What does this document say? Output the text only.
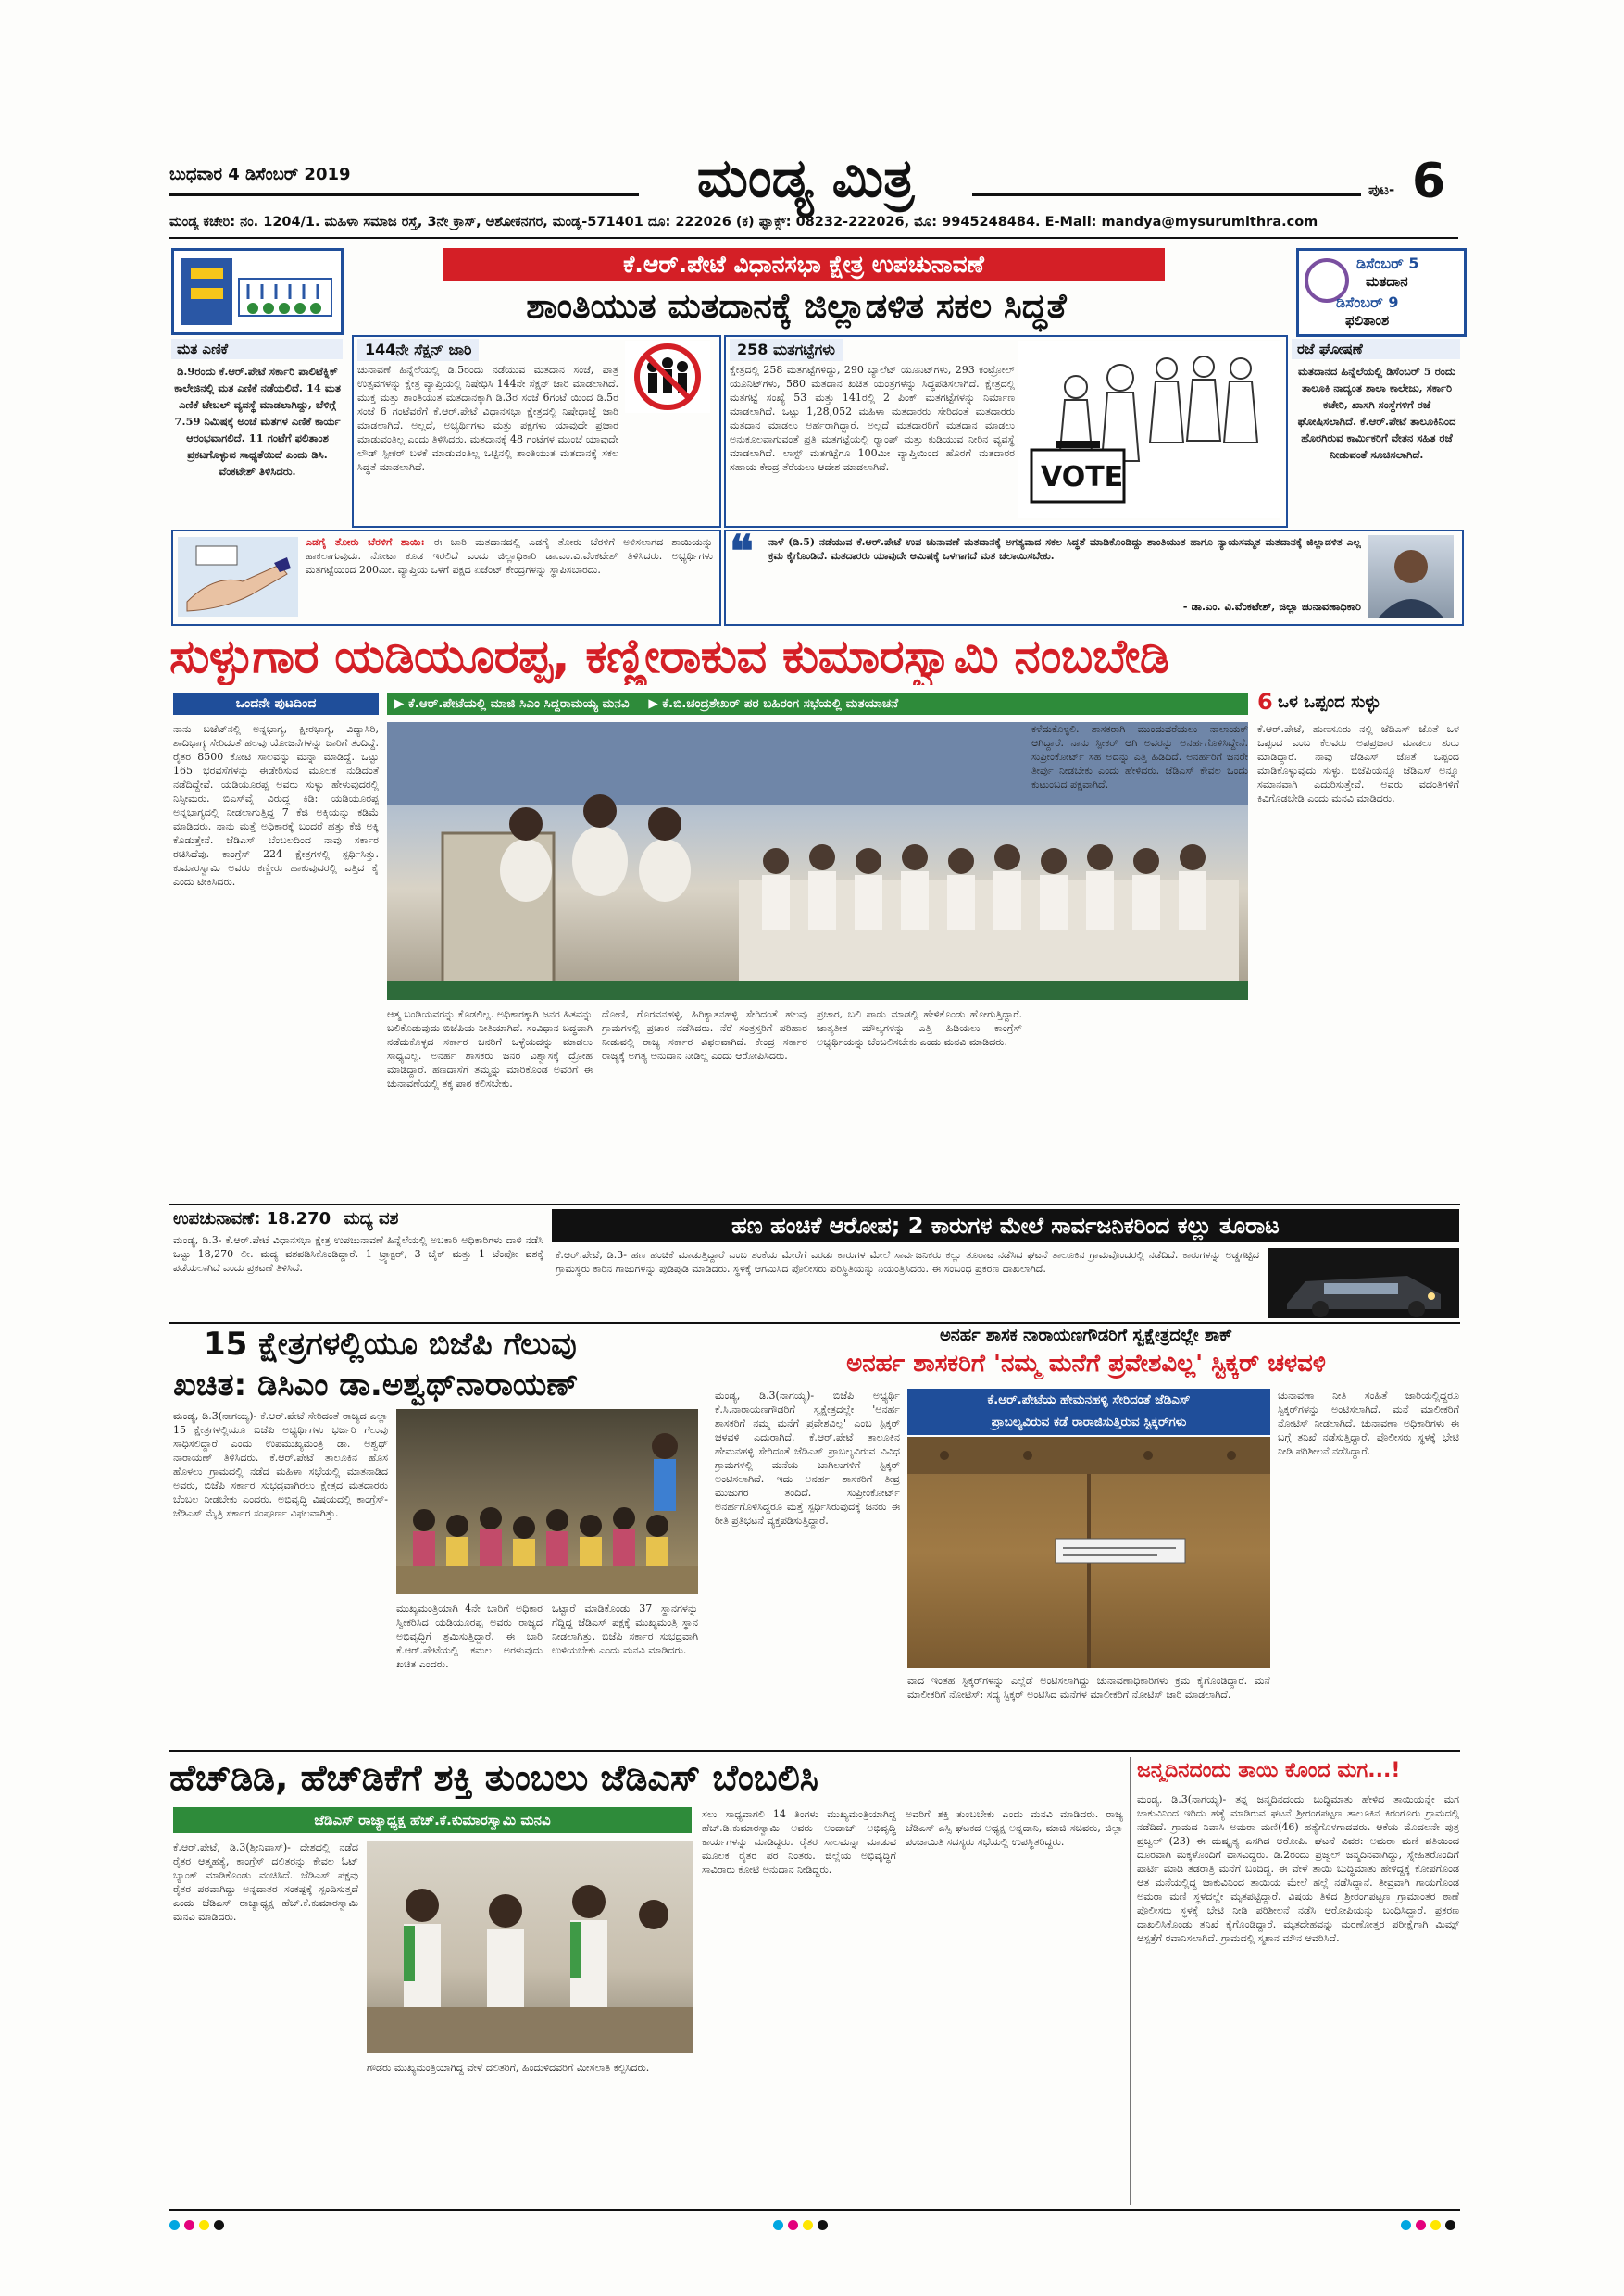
ಬುಧವಾರ 4 ಡಿಸೆಂಬರ್ 2019	ಮಂಡ್ಯ ಮಿತ್ರ	ಪುಟ- 6
ಮಂಡ್ಯ ಕಚೇರಿ: ನಂ. 1204/1. ಮಹಿಳಾ ಸಮಾಜ ರಸ್ತೆ, 3ನೇ ಕ್ರಾಸ್, ಅಶೋಕನಗರ, ಮಂಡ್ಯ-571401 ದೂ: 222026 (ಕ) ಫ್ಯಾಕ್ಸ್: 08232-222026, ಮೊ: 9945248484. E-Mail: mandya@mysurumithra.com
ಕೆ.ಆರ್.ಪೇಟೆ ವಿಧಾನಸಭಾ ಕ್ಷೇತ್ರ ಉಪಚುನಾವಣೆ
ಶಾಂತಿಯುತ ಮತದಾನಕ್ಕೆ ಜಿಲ್ಲಾಡಳಿತ ಸಕಲ ಸಿದ್ಧತೆ
ಡಿಸೆಂಬರ್ 5
ಮತದಾನ
ಡಿಸೆಂಬರ್ 9
ಫಲಿತಾಂಶ
ಮತ ಎಣಿಕೆ
ಡಿ.9ರಂದು ಕೆ.ಆರ್.ಪೇಟೆ ಸರ್ಕಾರಿ ಪಾಲಿಟೆಕ್ನಿಕ್ ಕಾಲೇಜಿನಲ್ಲಿ ಮತ ಎಣಿಕೆ ನಡೆಯಲಿದೆ. 14 ಮತ ಎಣಿಕೆ ಟೇಬಲ್ ವ್ಯವಸ್ಥೆ ಮಾಡಲಾಗಿದ್ದು, ಬೆಳಿಗ್ಗೆ 7.59 ನಿಮಿಷಕ್ಕೆ ಅಂಚೆ ಮತಗಳ ಎಣಿಕೆ ಕಾರ್ಯ ಆರಂಭವಾಗಲಿದೆ. 11 ಗಂಟೆಗೆ ಫಲಿತಾಂಶ ಪ್ರಕಟಗೊಳ್ಳುವ ಸಾಧ್ಯತೆಯಿದೆ ಎಂದು ಡಿಸಿ. ವೆಂಕಟೇಶ್ ತಿಳಿಸಿದರು.
144ನೇ ಸೆಕ್ಷನ್ ಜಾರಿ
ಚುನಾವಣೆ ಹಿನ್ನೆಲೆಯಲ್ಲಿ ಡಿ.5ರಂದು ನಡೆಯುವ ಮತದಾನ ಸಂಜೆ, ಪಾತ್ರ ಉತ್ಸವಗಳನ್ನು ಕ್ಷೇತ್ರ ವ್ಯಾಪ್ತಿಯಲ್ಲಿ ನಿಷೇಧಿಸಿ 144ನೇ ಸೆಕ್ಷನ್ ಜಾರಿ ಮಾಡಲಾಗಿದೆ. ಮುಕ್ತ ಮತ್ತು ಶಾಂತಿಯುತ ಮತದಾನಕ್ಕಾಗಿ ಡಿ.3ರ ಸಂಜೆ 6ಗಂಟೆ ಯಿಂದ ಡಿ.5ರ ಸಂಜೆ 6 ಗಂಟೆವರೆಗೆ ಕೆ.ಆರ್.ಪೇಟೆ ವಿಧಾನಸಭಾ ಕ್ಷೇತ್ರದಲ್ಲಿ ನಿಷೇಧಾಜ್ಞೆ ಜಾರಿ ಮಾಡಲಾಗಿದೆ. ಅಲ್ಲದೆ, ಅಭ್ಯರ್ಥಿಗಳು ಮತ್ತು ಪಕ್ಷಗಳು ಯಾವುದೇ ಪ್ರಚಾರ ಮಾಡುವಂತಿಲ್ಲ ಎಂದು ತಿಳಿಸಿದರು. ಮತದಾನಕ್ಕೆ 48 ಗಂಟೆಗಳ ಮುಂಚೆ ಯಾವುದೇ ಲೌಡ್ ಸ್ಪೀಕರ್ ಬಳಕೆ ಮಾಡುವಂತಿಲ್ಲ ಒಟ್ಟಿನಲ್ಲಿ ಶಾಂತಿಯುತ ಮತದಾನಕ್ಕೆ ಸಕಲ ಸಿದ್ಧತೆ ಮಾಡಲಾಗಿದೆ.
258 ಮತಗಟ್ಟೆಗಳು
ಕ್ಷೇತ್ರದಲ್ಲಿ 258 ಮತಗಟ್ಟೆಗಳಿದ್ದು, 290 ಬ್ಯಾಲೆಟ್ ಯೂನಿಟ್‌ಗಳು, 293 ಕಂಟ್ರೋಲ್ ಯೂನಿಟ್‌ಗಳು, 580 ಮತದಾನ ಖಚಿತ ಯಂತ್ರಗಳನ್ನು ಸಿದ್ಧಪಡಿಸಲಾಗಿದೆ. ಕ್ಷೇತ್ರದಲ್ಲಿ ಮತಗಟ್ಟೆ ಸಂಖ್ಯೆ 53 ಮತ್ತು 141ರಲ್ಲಿ 2 ಪಿಂಕ್ ಮತಗಟ್ಟೆಗಳನ್ನು ನಿರ್ಮಾಣ ಮಾಡಲಾಗಿದೆ. ಒಟ್ಟು 1,28,052 ಮಹಿಳಾ ಮತದಾರರು ಸೇರಿದಂತೆ ಮತದಾರರು ಮತದಾನ ಮಾಡಲು ಅರ್ಹರಾಗಿದ್ದಾರೆ. ಅಲ್ಲದೆ ಮತದಾರರಿಗೆ ಮತದಾನ ಮಾಡಲು ಅನುಕೂಲವಾಗುವಂತೆ ಪ್ರತಿ ಮತಗಟ್ಟೆಯಲ್ಲಿ ರ‍್ಯಾಂಪ್ ಮತ್ತು ಕುಡಿಯುವ ನೀರಿನ ವ್ಯವಸ್ಥೆ ಮಾಡಲಾಗಿದೆ. ಲಾಸ್ಟ್ ಮತಗಟ್ಟೆಗೂ 100ಮೀ ವ್ಯಾಪ್ತಿಯಿಂದ ಹೊರಗೆ ಮತದಾರರ ಸಹಾಯ ಕೇಂದ್ರ ತೆರೆಯಲು ಆದೇಶ ಮಾಡಲಾಗಿದೆ.	VOTE
ರಜೆ ಘೋಷಣೆ
ಮತದಾನದ ಹಿನ್ನೆಲೆಯಲ್ಲಿ ಡಿಸೆಂಬರ್ 5 ರಂದು ತಾಲೂಕಿ ನಾದ್ಯಂತ ಶಾಲಾ ಕಾಲೇಜು, ಸರ್ಕಾರಿ ಕಚೇರಿ, ಖಾಸಗಿ ಸಂಸ್ಥೆಗಳಿಗೆ ರಜೆ ಘೋಷಿಸಲಾಗಿದೆ. ಕೆ.ಆರ್.ಪೇಟೆ ತಾಲೂಕಿನಿಂದ ಹೊರಗಿರುವ ಕಾರ್ಮಿಕರಿಗೆ ವೇತನ ಸಹಿತ ರಜೆ ನೀಡುವಂತೆ ಸೂಚಿಸಲಾಗಿದೆ.
ಎಡಗೈ ತೋರು ಬೆರಳಿಗೆ ಶಾಯಿ: ಈ ಬಾರಿ ಮತದಾನದಲ್ಲಿ ಎಡಗೈ ತೋರು ಬೆರಳಿಗೆ ಅಳಿಸಲಾಗದ ಶಾಯಿಯನ್ನು ಹಾಕಲಾಗುವುದು. ನೋಟಾ ಕೂಡ ಇರಲಿದೆ ಎಂದು ಜಿಲ್ಲಾಧಿಕಾರಿ ಡಾ.ಎಂ.ವಿ.ವೆಂಕಟೇಶ್ ತಿಳಿಸಿದರು. ಅಭ್ಯರ್ಥಿಗಳು ಮತಗಟ್ಟೆಯಿಂದ 200ಮೀ. ವ್ಯಾಪ್ತಿಯ ಒಳಗೆ ಪಕ್ಷದ ಏಜೆಂಟ್ ಕೇಂದ್ರಗಳನ್ನು ಸ್ಥಾಪಿಸಬಾರದು.	❝ ನಾಳೆ (ಡಿ.5) ನಡೆಯುವ ಕೆ.ಆರ್.ಪೇಟೆ ಉಪ ಚುನಾವಣೆ ಮತದಾನಕ್ಕೆ ಅಗತ್ಯವಾದ ಸಕಲ ಸಿದ್ಧತೆ ಮಾಡಿಕೊಂಡಿದ್ದು ಶಾಂತಿಯುತ ಹಾಗೂ ನ್ಯಾಯಸಮ್ಮತ ಮತದಾನಕ್ಕೆ ಜಿಲ್ಲಾಡಳಿತ ಎಲ್ಲ ಕ್ರಮ ಕೈಗೊಂಡಿದೆ. ಮತದಾರರು ಯಾವುದೇ ಆಮಿಷಕ್ಕೆ ಒಳಗಾಗದೆ ಮತ ಚಲಾಯಿಸಬೇಕು.
- ಡಾ.ಎಂ. ವಿ.ವೆಂಕಟೇಶ್, ಜಿಲ್ಲಾ ಚುನಾವಣಾಧಿಕಾರಿ
ಸುಳ್ಳುಗಾರ ಯಡಿಯೂರಪ್ಪ, ಕಣ್ಣೀರಾಕುವ ಕುಮಾರಸ್ವಾಮಿ ನಂಬಬೇಡಿ
ಒಂದನೇ ಪುಟದಿಂದ	▶ ಕೆ.ಆರ್.ಪೇಟೆಯಲ್ಲಿ ಮಾಜಿ ಸಿಎಂ ಸಿದ್ದರಾಮಯ್ಯ ಮನವಿ ▶ ಕೆ.ಬಿ.ಚಂದ್ರಶೇಖರ್ ಪರ ಬಹಿರಂಗ ಸಭೆಯಲ್ಲಿ ಮತಯಾಚನೆ
ನಾನು ಬಜೆಟ್‌ನಲ್ಲಿ ಅನ್ನಭಾಗ್ಯ, ಕ್ಷೀರಭಾಗ್ಯ, ವಿದ್ಯಾಸಿರಿ, ಶಾದಿಭಾಗ್ಯ ಸೇರಿದಂತೆ ಹಲವು ಯೋಜನೆಗಳನ್ನು ಜಾರಿಗೆ ತಂದಿದ್ದೆ. ರೈತರ 8500 ಕೋಟಿ ಸಾಲವನ್ನು ಮನ್ನಾ ಮಾಡಿದ್ದೆ. ಒಟ್ಟು 165 ಭರವಸೆಗಳನ್ನು ಈಡೇರಿಸುವ ಮೂಲಕ ನುಡಿದಂತೆ ನಡೆದಿದ್ದೇವೆ. ಯಡಿಯೂರಪ್ಪ ಅವರು ಸುಳ್ಳು ಹೇಳುವುದರಲ್ಲಿ ನಿಸ್ಸೀಮರು. ಬಿಎಸ್‌ವೈ ವಿರುದ್ಧ ಕಿಡಿ: ಯಡಿಯೂರಪ್ಪ ಅನ್ನಭಾಗ್ಯದಲ್ಲಿ ನೀಡಲಾಗುತ್ತಿದ್ದ 7 ಕೆಜಿ ಅಕ್ಕಿಯನ್ನು ಕಡಿಮೆ ಮಾಡಿದರು. ನಾನು ಮತ್ತೆ ಅಧಿಕಾರಕ್ಕೆ ಬಂದರೆ ಹತ್ತು ಕೆಜಿ ಅಕ್ಕಿ ಕೊಡುತ್ತೇನೆ. ಜೆಡಿಎಸ್ ಬೆಂಬಲದಿಂದ ನಾವು ಸರ್ಕಾರ ರಚಿಸಿದೆವು. ಕಾಂಗ್ರೆಸ್ 224 ಕ್ಷೇತ್ರಗಳಲ್ಲಿ ಸ್ಪರ್ಧಿಸಿತ್ತು. ಕುಮಾರಸ್ವಾಮಿ ಅವರು ಕಣ್ಣೀರು ಹಾಕುವುದರಲ್ಲಿ ಎತ್ತಿದ ಕೈ ಎಂದು ಟೀಕಿಸಿದರು.
ಆತ್ಮ ಬಂಡಿಯವರನ್ನು ಕೊಡಲಿಲ್ಲ. ಅಧಿಕಾರಕ್ಕಾಗಿ ಜನರ ಹಿತವನ್ನು ಬಲಿಕೊಡುವುದು ಬಿಜೆಪಿಯ ನೀತಿಯಾಗಿದೆ. ಸಂವಿಧಾನ ಬದ್ಧವಾಗಿ ನಡೆದುಕೊಳ್ಳದ ಸರ್ಕಾರ ಜನರಿಗೆ ಒಳ್ಳೆಯದನ್ನು ಮಾಡಲು ಸಾಧ್ಯವಿಲ್ಲ. ಅನರ್ಹ ಶಾಸಕರು ಜನರ ವಿಶ್ವಾಸಕ್ಕೆ ದ್ರೋಹ ಮಾಡಿದ್ದಾರೆ. ಹಣದಾಸೆಗೆ ತಮ್ಮನ್ನು ಮಾರಿಕೊಂಡ ಅವರಿಗೆ ಈ ಚುನಾವಣೆಯಲ್ಲಿ ತಕ್ಕ ಪಾಠ ಕಲಿಸಬೇಕು.
ದೋಣಿ, ಗೊರವನಹಳ್ಳಿ, ಹಿರಿಕ್ಯಾತನಹಳ್ಳಿ ಸೇರಿದಂತೆ ಹಲವು ಗ್ರಾಮಗಳಲ್ಲಿ ಪ್ರಚಾರ ನಡೆಸಿದರು. ನೆರೆ ಸಂತ್ರಸ್ತರಿಗೆ ಪರಿಹಾರ ನೀಡುವಲ್ಲಿ ರಾಜ್ಯ ಸರ್ಕಾರ ವಿಫಲವಾಗಿದೆ. ಕೇಂದ್ರ ಸರ್ಕಾರ ರಾಜ್ಯಕ್ಕೆ ಅಗತ್ಯ ಅನುದಾನ ನೀಡಿಲ್ಲ ಎಂದು ಆರೋಪಿಸಿದರು.
ಪ್ರಚಾರ, ಬಲಿ ಪಾಡು ಮಾಡಲ್ಲಿ ಹೇಳಿಕೊಂಡು ಹೋಗುತ್ತಿದ್ದಾರೆ. ಜಾತ್ಯತೀತ ಮೌಲ್ಯಗಳನ್ನು ಎತ್ತಿ ಹಿಡಿಯಲು ಕಾಂಗ್ರೆಸ್ ಅಭ್ಯರ್ಥಿಯನ್ನು ಬೆಂಬಲಿಸಬೇಕು ಎಂದು ಮನವಿ ಮಾಡಿದರು.
ಕಳೆದುಕೊಳ್ಳಲಿ. ಶಾಸಕರಾಗಿ ಮುಂದುವರೆಯಲು ನಾಲಾಯಕ್ ಆಗಿದ್ದಾರೆ. ನಾನು ಸ್ಪೀಕರ್ ಆಗಿ ಅವರನ್ನು ಅನರ್ಹಗೊಳಿಸಿದ್ದೇನೆ. ಸುಪ್ರೀಂಕೋರ್ಟ್ ಸಹ ಅದನ್ನು ಎತ್ತಿ ಹಿಡಿದಿದೆ. ಅನರ್ಹರಿಗೆ ಜನರೇ ತೀರ್ಪು ನೀಡಬೇಕು ಎಂದು ಹೇಳಿದರು. ಜೆಡಿಎಸ್ ಕೇವಲ ಒಂದು ಕುಟುಂಬದ ಪಕ್ಷವಾಗಿದೆ.
6 ಒಳ ಒಪ್ಪಂದ ಸುಳ್ಳು
ಕೆ.ಆರ್.ಪೇಟೆ, ಹುಣಸೂರು ನಲ್ಲಿ ಜೆಡಿಎಸ್ ಜೊತೆ ಒಳ ಒಪ್ಪಂದ ಎಂಬ ಕೆಲವರು ಅಪಪ್ರಚಾರ ಮಾಡಲು ಶುರು ಮಾಡಿದ್ದಾರೆ. ನಾವು ಜೆಡಿಎಸ್ ಜೊತೆ ಒಪ್ಪಂದ ಮಾಡಿಕೊಳ್ಳುವುದು ಸುಳ್ಳು. ಬಿಜೆಪಿಯನ್ನೂ ಜೆಡಿಎಸ್ ಅನ್ನೂ ಸಮಾನವಾಗಿ ಎದುರಿಸುತ್ತೇವೆ. ಅವರು ವದಂತಿಗಳಿಗೆ ಕಿವಿಗೊಡಬೇಡಿ ಎಂದು ಮನವಿ ಮಾಡಿದರು.
ಉಪಚುನಾವಣೆ: 18.270 ಮದ್ಯ ವಶ
ಮಂಡ್ಯ, ಡಿ.3- ಕೆ.ಆರ್.ಪೇಟೆ ವಿಧಾನಸಭಾ ಕ್ಷೇತ್ರ ಉಪಚುನಾವಣೆ ಹಿನ್ನೆಲೆಯಲ್ಲಿ ಅಬಕಾರಿ ಅಧಿಕಾರಿಗಳು ದಾಳಿ ನಡೆಸಿ ಒಟ್ಟು 18,270 ಲೀ. ಮದ್ಯ ವಶಪಡಿಸಿಕೊಂಡಿದ್ದಾರೆ. 1 ಟ್ರ್ಯಾಕ್ಟರ್, 3 ಬೈಕ್ ಮತ್ತು 1 ಟೆಂಪೋ ವಶಕ್ಕೆ ಪಡೆಯಲಾಗಿದೆ ಎಂದು ಪ್ರಕಟಣೆ ತಿಳಿಸಿದೆ.
ಹಣ ಹಂಚಿಕೆ ಆರೋಪ; 2 ಕಾರುಗಳ ಮೇಲೆ ಸಾರ್ವಜನಿಕರಿಂದ ಕಲ್ಲು ತೂರಾಟ
ಕೆ.ಆರ್.ಪೇಟೆ, ಡಿ.3- ಹಣ ಹಂಚಿಕೆ ಮಾಡುತ್ತಿದ್ದಾರೆ ಎಂಬ ಶಂಕೆಯ ಮೇರೆಗೆ ಎರಡು ಕಾರುಗಳ ಮೇಲೆ ಸಾರ್ವಜನಿಕರು ಕಲ್ಲು ತೂರಾಟ ನಡೆಸಿದ ಘಟನೆ ತಾಲೂಕಿನ ಗ್ರಾಮವೊಂದರಲ್ಲಿ ನಡೆದಿದೆ. ಕಾರುಗಳನ್ನು ಅಡ್ಡಗಟ್ಟಿದ ಗ್ರಾಮಸ್ಥರು ಕಾರಿನ ಗಾಜುಗಳನ್ನು ಪುಡಿಪುಡಿ ಮಾಡಿದರು. ಸ್ಥಳಕ್ಕೆ ಆಗಮಿಸಿದ ಪೊಲೀಸರು ಪರಿಸ್ಥಿತಿಯನ್ನು ನಿಯಂತ್ರಿಸಿದರು. ಈ ಸಂಬಂಧ ಪ್ರಕರಣ ದಾಖಲಾಗಿದೆ.
15 ಕ್ಷೇತ್ರಗಳಲ್ಲಿಯೂ ಬಿಜೆಪಿ ಗೆಲುವು
ಖಚಿತ: ಡಿಸಿಎಂ ಡಾ.ಅಶ್ವಥ್‌ನಾರಾಯಣ್
ಮಂಡ್ಯ, ಡಿ.3(ನಾಗಯ್ಯ)- ಕೆ.ಆರ್.ಪೇಟೆ ಸೇರಿದಂತೆ ರಾಜ್ಯದ ಎಲ್ಲಾ 15 ಕ್ಷೇತ್ರಗಳಲ್ಲಿಯೂ ಬಿಜೆಪಿ ಅಭ್ಯರ್ಥಿಗಳು ಭರ್ಜರಿ ಗೆಲುವು ಸಾಧಿಸಲಿದ್ದಾರೆ ಎಂದು ಉಪಮುಖ್ಯಮಂತ್ರಿ ಡಾ. ಅಶ್ವಥ್ ನಾರಾಯಣ್ ತಿಳಿಸಿದರು. ಕೆ.ಆರ್.ಪೇಟೆ ತಾಲೂಕಿನ ಹೊಸ ಹೊಳಲು ಗ್ರಾಮದಲ್ಲಿ ನಡೆದ ಮಹಿಳಾ ಸಭೆಯಲ್ಲಿ ಮಾತನಾಡಿದ ಅವರು, ಬಿಜೆಪಿ ಸರ್ಕಾರ ಸುಭದ್ರವಾಗಿರಲು ಕ್ಷೇತ್ರದ ಮತದಾರರು ಬೆಂಬಲ ನೀಡಬೇಕು ಎಂದರು. ಅಭಿವೃದ್ಧಿ ವಿಷಯದಲ್ಲಿ ಕಾಂಗ್ರೆಸ್-ಜೆಡಿಎಸ್ ಮೈತ್ರಿ ಸರ್ಕಾರ ಸಂಪೂರ್ಣ ವಿಫಲವಾಗಿತ್ತು.
ಮುಖ್ಯಮಂತ್ರಿಯಾಗಿ 4ನೇ ಬಾರಿಗೆ ಅಧಿಕಾರ ಸ್ವೀಕರಿಸಿದ ಯಡಿಯೂರಪ್ಪ ಅವರು ರಾಜ್ಯದ ಅಭಿವೃದ್ಧಿಗೆ ಶ್ರಮಿಸುತ್ತಿದ್ದಾರೆ. ಈ ಬಾರಿ ಕೆ.ಆರ್.ಪೇಟೆಯಲ್ಲಿ ಕಮಲ ಅರಳುವುದು ಖಚಿತ ಎಂದರು.
ಒಟ್ಟಾರೆ ಮಾಡಿಕೊಂಡು 37 ಸ್ಥಾನಗಳನ್ನು ಗೆದ್ದಿದ್ದ ಜೆಡಿಎಸ್ ಪಕ್ಷಕ್ಕೆ ಮುಖ್ಯಮಂತ್ರಿ ಸ್ಥಾನ ನೀಡಲಾಗಿತ್ತು. ಬಿಜೆಪಿ ಸರ್ಕಾರ ಸುಭದ್ರವಾಗಿ ಉಳಿಯಬೇಕು ಎಂದು ಮನವಿ ಮಾಡಿದರು.
ಅನರ್ಹ ಶಾಸಕ ನಾರಾಯಣಗೌಡರಿಗೆ ಸ್ವಕ್ಷೇತ್ರದಲ್ಲೇ ಶಾಕ್
ಅನರ್ಹ ಶಾಸಕರಿಗೆ 'ನಮ್ಮ ಮನೆಗೆ ಪ್ರವೇಶವಿಲ್ಲ' ಸ್ಟಿಕ್ಕರ್ ಚಳವಳಿ
ಮಂಡ್ಯ, ಡಿ.3(ನಾಗಯ್ಯ)- ಬಿಜೆಪಿ ಅಭ್ಯರ್ಥಿ ಕೆ.ಸಿ.ನಾರಾಯಣಗೌಡರಿಗೆ ಸ್ವಕ್ಷೇತ್ರದಲ್ಲೇ 'ಅನರ್ಹ ಶಾಸಕರಿಗೆ ನಮ್ಮ ಮನೆಗೆ ಪ್ರವೇಶವಿಲ್ಲ' ಎಂಬ ಸ್ಟಿಕ್ಕರ್ ಚಳವಳಿ ಎದುರಾಗಿದೆ. ಕೆ.ಆರ್.ಪೇಟೆ ತಾಲೂಕಿನ ಹೇಮನಹಳ್ಳಿ ಸೇರಿದಂತೆ ಜೆಡಿಎಸ್ ಪ್ರಾಬಲ್ಯವಿರುವ ವಿವಿಧ ಗ್ರಾಮಗಳಲ್ಲಿ ಮನೆಯ ಬಾಗಿಲುಗಳಿಗೆ ಸ್ಟಿಕ್ಕರ್ ಅಂಟಿಸಲಾಗಿದೆ. ಇದು ಅನರ್ಹ ಶಾಸಕರಿಗೆ ತೀವ್ರ ಮುಜುಗರ ತಂದಿದೆ. ಸುಪ್ರೀಂಕೋರ್ಟ್ ಅನರ್ಹಗೊಳಿಸಿದ್ದರೂ ಮತ್ತೆ ಸ್ಪರ್ಧಿಸಿರುವುದಕ್ಕೆ ಜನರು ಈ ರೀತಿ ಪ್ರತಿಭಟನೆ ವ್ಯಕ್ತಪಡಿಸುತ್ತಿದ್ದಾರೆ.
ಕೆ.ಆರ್.ಪೇಟೆಯ ಹೇಮನಹಳ್ಳಿ ಸೇರಿದಂತೆ ಜೆಡಿಎಸ್
ಪ್ರಾಬಲ್ಯವಿರುವ ಕಡೆ ರಾರಾಜಿಸುತ್ತಿರುವ ಸ್ಟಿಕ್ಕರ್‌ಗಳು
ವಾದ ಇಂತಹ ಸ್ಟಿಕ್ಕರ್‌ಗಳನ್ನು ಎಲ್ಲೆಡೆ ಅಂಟಿಸಲಾಗಿದ್ದು ಚುನಾವಣಾಧಿಕಾರಿಗಳು ಕ್ರಮ ಕೈಗೊಂಡಿದ್ದಾರೆ. ಮನೆ ಮಾಲೀಕರಿಗೆ ನೋಟಿಸ್: ಸದ್ಯ ಸ್ಟಿಕ್ಕರ್ ಅಂಟಿಸಿದ ಮನೆಗಳ ಮಾಲೀಕರಿಗೆ ನೋಟಿಸ್ ಜಾರಿ ಮಾಡಲಾಗಿದೆ.
ಚುನಾವಣಾ ನೀತಿ ಸಂಹಿತೆ ಜಾರಿಯಲ್ಲಿದ್ದರೂ ಸ್ಟಿಕ್ಕರ್‌ಗಳನ್ನು ಅಂಟಿಸಲಾಗಿದೆ. ಮನೆ ಮಾಲೀಕರಿಗೆ ನೋಟಿಸ್ ನೀಡಲಾಗಿದೆ. ಚುನಾವಣಾ ಅಧಿಕಾರಿಗಳು ಈ ಬಗ್ಗೆ ತನಿಖೆ ನಡೆಸುತ್ತಿದ್ದಾರೆ. ಪೊಲೀಸರು ಸ್ಥಳಕ್ಕೆ ಭೇಟಿ ನೀಡಿ ಪರಿಶೀಲನೆ ನಡೆಸಿದ್ದಾರೆ.
ಹೆಚ್‌ಡಿಡಿ, ಹೆಚ್‌ಡಿಕೆಗೆ ಶಕ್ತಿ ತುಂಬಲು ಜೆಡಿಎಸ್ ಬೆಂಬಲಿಸಿ
ಜೆಡಿಎಸ್ ರಾಜ್ಯಾಧ್ಯಕ್ಷ ಹೆಚ್.ಕೆ.ಕುಮಾರಸ್ವಾಮಿ ಮನವಿ
ಕೆ.ಆರ್.ಪೇಟೆ, ಡಿ.3(ಶ್ರೀನಿವಾಸ್)- ದೇಶದಲ್ಲಿ ನಡೆದ ರೈತರ ಆತ್ಮಹತ್ಯೆ, ಕಾಂಗ್ರೆಸ್ ದಲಿತರನ್ನು ಕೇವಲ ಓಟ್ ಬ್ಯಾಂಕ್ ಮಾಡಿಕೊಂಡು ವಂಚಿಸಿದೆ. ಜೆಡಿಎಸ್ ಪಕ್ಷವು ರೈತರ ಪರವಾಗಿದ್ದು ಅನ್ನದಾತರ ಸಂಕಷ್ಟಕ್ಕೆ ಸ್ಪಂದಿಸುತ್ತದೆ ಎಂದು ಜೆಡಿಎಸ್ ರಾಜ್ಯಾಧ್ಯಕ್ಷ ಹೆಚ್.ಕೆ.ಕುಮಾರಸ್ವಾಮಿ ಮನವಿ ಮಾಡಿದರು.
ಗೌಡರು ಮುಖ್ಯಮಂತ್ರಿಯಾಗಿದ್ದ ವೇಳೆ ದಲಿತರಿಗೆ, ಹಿಂದುಳಿದವರಿಗೆ ಮೀಸಲಾತಿ ಕಲ್ಪಿಸಿದರು.
ಸಲು ಸಾಧ್ಯವಾಗಲಿ 14 ತಿಂಗಳು ಮುಖ್ಯಮಂತ್ರಿಯಾಗಿದ್ದ ಹೆಚ್.ಡಿ.ಕುಮಾರಸ್ವಾಮಿ ಅವರು ಅಂದಾಜ್ ಅಭಿವೃದ್ಧಿ ಕಾರ್ಯಗಳನ್ನು ಮಾಡಿದ್ದರು. ರೈತರ ಸಾಲಮನ್ನಾ ಮಾಡುವ ಮೂಲಕ ರೈತರ ಪರ ನಿಂತರು. ಜಿಲ್ಲೆಯ ಅಭಿವೃದ್ಧಿಗೆ ಸಾವಿರಾರು ಕೋಟಿ ಅನುದಾನ ನೀಡಿದ್ದರು.
ಅವರಿಗೆ ಶಕ್ತಿ ತುಂಬಬೇಕು ಎಂದು ಮನವಿ ಮಾಡಿದರು. ರಾಜ್ಯ ಜೆಡಿಎಸ್ ಎಸ್ಸಿ ಘಟಕದ ಅಧ್ಯಕ್ಷ ಅನ್ನದಾನಿ, ಮಾಜಿ ಸಚಿವರು, ಜಿಲ್ಲಾ ಪಂಚಾಯಿತಿ ಸದಸ್ಯರು ಸಭೆಯಲ್ಲಿ ಉಪಸ್ಥಿತರಿದ್ದರು.
ಜನ್ಮದಿನದಂದು ತಾಯಿ ಕೊಂದ ಮಗ...!
ಮಂಡ್ಯ, ಡಿ.3(ನಾಗಯ್ಯ)- ತನ್ನ ಜನ್ಮದಿನದಂದು ಬುದ್ಧಿಮಾತು ಹೇಳಿದ ತಾಯಿಯನ್ನೇ ಮಗ ಚಾಕುವಿನಿಂದ ಇರಿದು ಹತ್ಯೆ ಮಾಡಿರುವ ಘಟನೆ ಶ್ರೀರಂಗಪಟ್ಟಣ ತಾಲೂಕಿನ ಕಿರಂಗೂರು ಗ್ರಾಮದಲ್ಲಿ ನಡೆದಿದೆ. ಗ್ರಾಮದ ನಿವಾಸಿ ಅಮರಾ ಮಣಿ(46) ಹತ್ಯೆಗೊಳಗಾದವರು. ಆಕೆಯ ಮೊದಲನೇ ಪುತ್ರ ಪ್ರಜ್ವಲ್ (23) ಈ ದುಷ್ಕೃತ್ಯ ಎಸಗಿದ ಆರೋಪಿ. ಘಟನೆ ವಿವರ: ಅಮರಾ ಮಣಿ ಪತಿಯಿಂದ ದೂರವಾಗಿ ಮಕ್ಕಳೊಂದಿಗೆ ವಾಸವಿದ್ದರು. ಡಿ.2ರಂದು ಪ್ರಜ್ವಲ್ ಜನ್ಮದಿನವಾಗಿದ್ದು, ಸ್ನೇಹಿತರೊಂದಿಗೆ ಪಾರ್ಟಿ ಮಾಡಿ ತಡರಾತ್ರಿ ಮನೆಗೆ ಬಂದಿದ್ದ. ಈ ವೇಳೆ ತಾಯಿ ಬುದ್ಧಿಮಾತು ಹೇಳಿದ್ದಕ್ಕೆ ಕೋಪಗೊಂಡ ಆತ ಮನೆಯಲ್ಲಿದ್ದ ಚಾಕುವಿನಿಂದ ತಾಯಿಯ ಮೇಲೆ ಹಲ್ಲೆ ನಡೆಸಿದ್ದಾನೆ. ತೀವ್ರವಾಗಿ ಗಾಯಗೊಂಡ ಅಮರಾ ಮಣಿ ಸ್ಥಳದಲ್ಲೇ ಮೃತಪಟ್ಟಿದ್ದಾರೆ. ವಿಷಯ ತಿಳಿದ ಶ್ರೀರಂಗಪಟ್ಟಣ ಗ್ರಾಮಾಂತರ ಠಾಣೆ ಪೊಲೀಸರು ಸ್ಥಳಕ್ಕೆ ಭೇಟಿ ನೀಡಿ ಪರಿಶೀಲನೆ ನಡೆಸಿ ಆರೋಪಿಯನ್ನು ಬಂಧಿಸಿದ್ದಾರೆ. ಪ್ರಕರಣ ದಾಖಲಿಸಿಕೊಂಡು ತನಿಖೆ ಕೈಗೊಂಡಿದ್ದಾರೆ. ಮೃತದೇಹವನ್ನು ಮರಣೋತ್ತರ ಪರೀಕ್ಷೆಗಾಗಿ ಮಿಮ್ಸ್ ಆಸ್ಪತ್ರೆಗೆ ರವಾನಿಸಲಾಗಿದೆ. ಗ್ರಾಮದಲ್ಲಿ ಸ್ಮಶಾನ ಮೌನ ಆವರಿಸಿದೆ.
